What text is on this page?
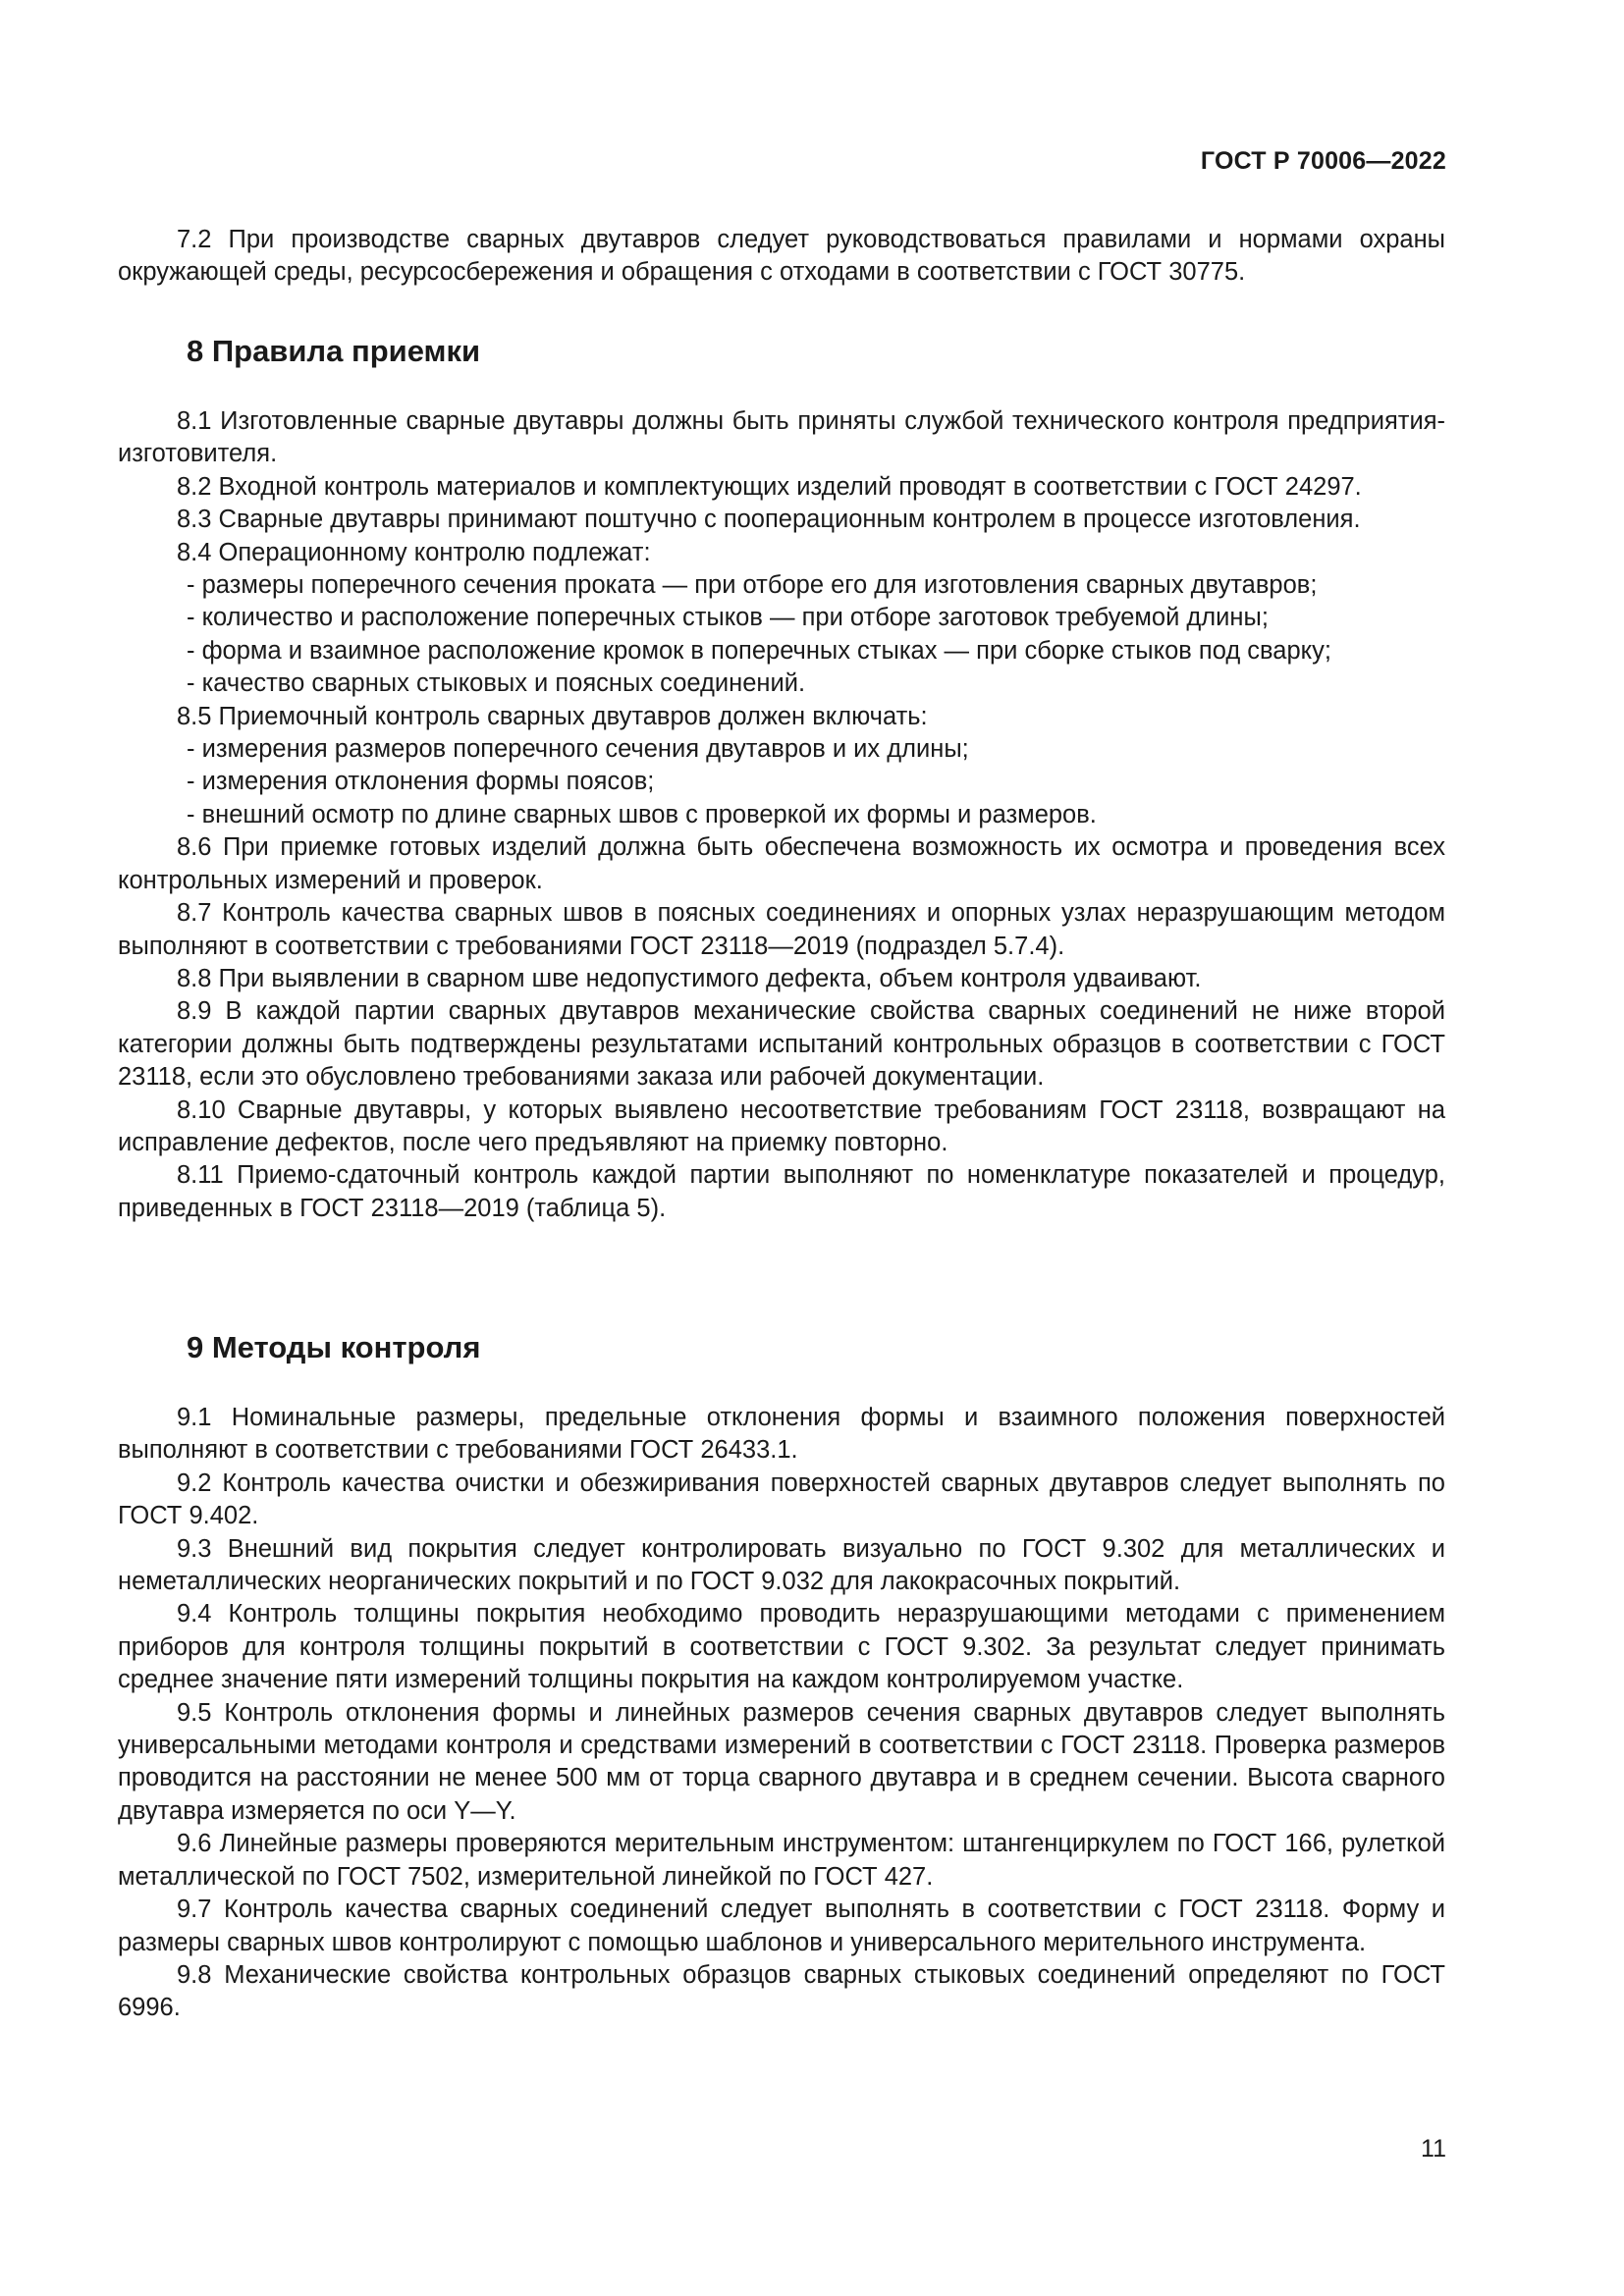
ГОСТ Р 70006—2022

7.2 При производстве сварных двутавров следует руководствоваться правилами и нормами охраны окружающей среды, ресурсосбережения и обращения с отходами в соответствии с ГОСТ 30775.

8 Правила приемки

8.1 Изготовленные сварные двутавры должны быть приняты службой технического контроля предприятия-изготовителя.

8.2 Входной контроль материалов и комплектующих изделий проводят в соответствии с ГОСТ 24297.

8.3 Сварные двутавры принимают поштучно с пооперационным контролем в процессе изготовления.

8.4 Операционному контролю подлежат:

- размеры поперечного сечения проката — при отборе его для изготовления сварных двутавров;

- количество и расположение поперечных стыков — при отборе заготовок требуемой длины;

- форма и взаимное расположение кромок в поперечных стыках — при сборке стыков под сварку;

- качество сварных стыковых и поясных соединений.

8.5 Приемочный контроль сварных двутавров должен включать:

- измерения размеров поперечного сечения двутавров и их длины;

- измерения отклонения формы поясов;

- внешний осмотр по длине сварных швов с проверкой их формы и размеров.

8.6 При приемке готовых изделий должна быть обеспечена возможность их осмотра и проведения всех контрольных измерений и проверок.

8.7 Контроль качества сварных швов в поясных соединениях и опорных узлах неразрушающим методом выполняют в соответствии с требованиями ГОСТ 23118—2019 (подраздел 5.7.4).

8.8 При выявлении в сварном шве недопустимого дефекта, объем контроля удваивают.

8.9 В каждой партии сварных двутавров механические свойства сварных соединений не ниже второй категории должны быть подтверждены результатами испытаний контрольных образцов в соответствии с ГОСТ 23118, если это обусловлено требованиями заказа или рабочей документации.

8.10 Сварные двутавры, у которых выявлено несоответствие требованиям ГОСТ 23118, возвращают на исправление дефектов, после чего предъявляют на приемку повторно.

8.11 Приемо-сдаточный контроль каждой партии выполняют по номенклатуре показателей и процедур, приведенных в ГОСТ 23118—2019 (таблица 5).

9 Методы контроля

9.1 Номинальные размеры, предельные отклонения формы и взаимного положения поверхностей выполняют в соответствии с требованиями ГОСТ 26433.1.

9.2 Контроль качества очистки и обезжиривания поверхностей сварных двутавров следует выполнять по ГОСТ 9.402.

9.3 Внешний вид покрытия следует контролировать визуально по ГОСТ 9.302 для металлических и неметаллических неорганических покрытий и по ГОСТ 9.032 для лакокрасочных покрытий.

9.4 Контроль толщины покрытия необходимо проводить неразрушающими методами с применением приборов для контроля толщины покрытий в соответствии с ГОСТ 9.302. За результат следует принимать среднее значение пяти измерений толщины покрытия на каждом контролируемом участке.

9.5 Контроль отклонения формы и линейных размеров сечения сварных двутавров следует выполнять универсальными методами контроля и средствами измерений в соответствии с ГОСТ 23118. Проверка размеров проводится на расстоянии не менее 500 мм от торца сварного двутавра и в среднем сечении. Высота сварного двутавра измеряется по оси Y—Y.

9.6 Линейные размеры проверяются мерительным инструментом: штангенциркулем по ГОСТ 166, рулеткой металлической по ГОСТ 7502, измерительной линейкой по ГОСТ 427.

9.7 Контроль качества сварных соединений следует выполнять в соответствии с ГОСТ 23118. Форму и размеры сварных швов контролируют с помощью шаблонов и универсального мерительного инструмента.

9.8 Механические свойства контрольных образцов сварных стыковых соединений определяют по ГОСТ 6996.

11
